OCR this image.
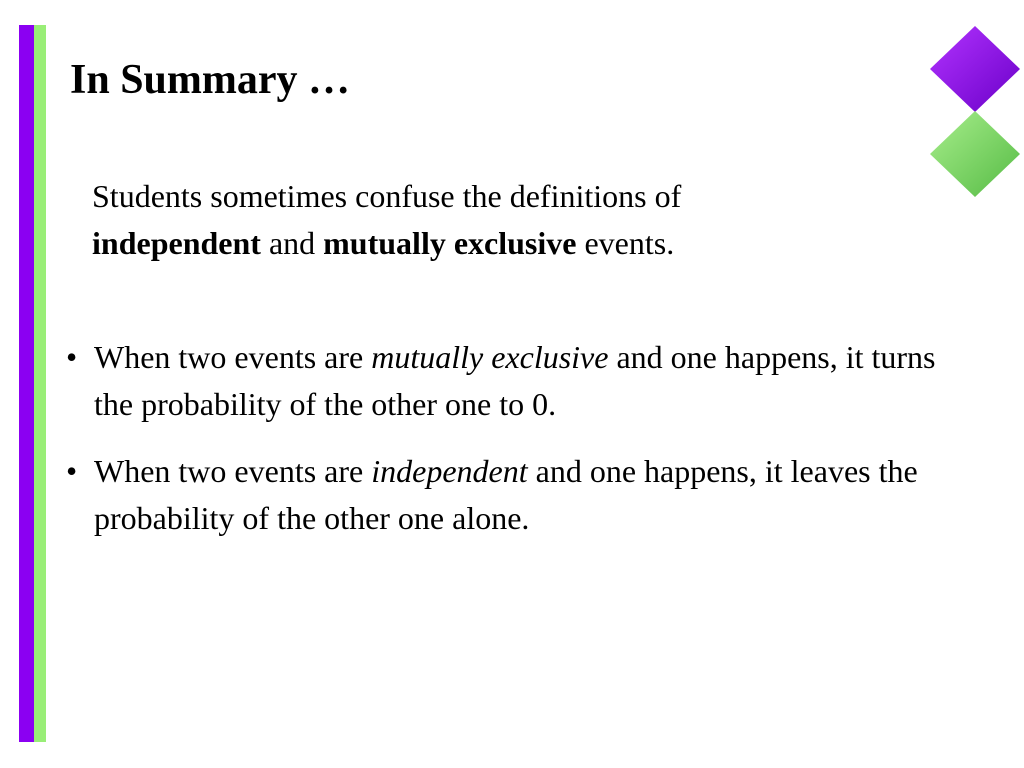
In Summary …

Students sometimes confuse the definitions of
independent and mutually exclusive events.

• When two events are mutually exclusive and one happens, it turns the probability of the other one to 0.
• When two events are independent and one happens, it leaves the probability of the other one alone.
